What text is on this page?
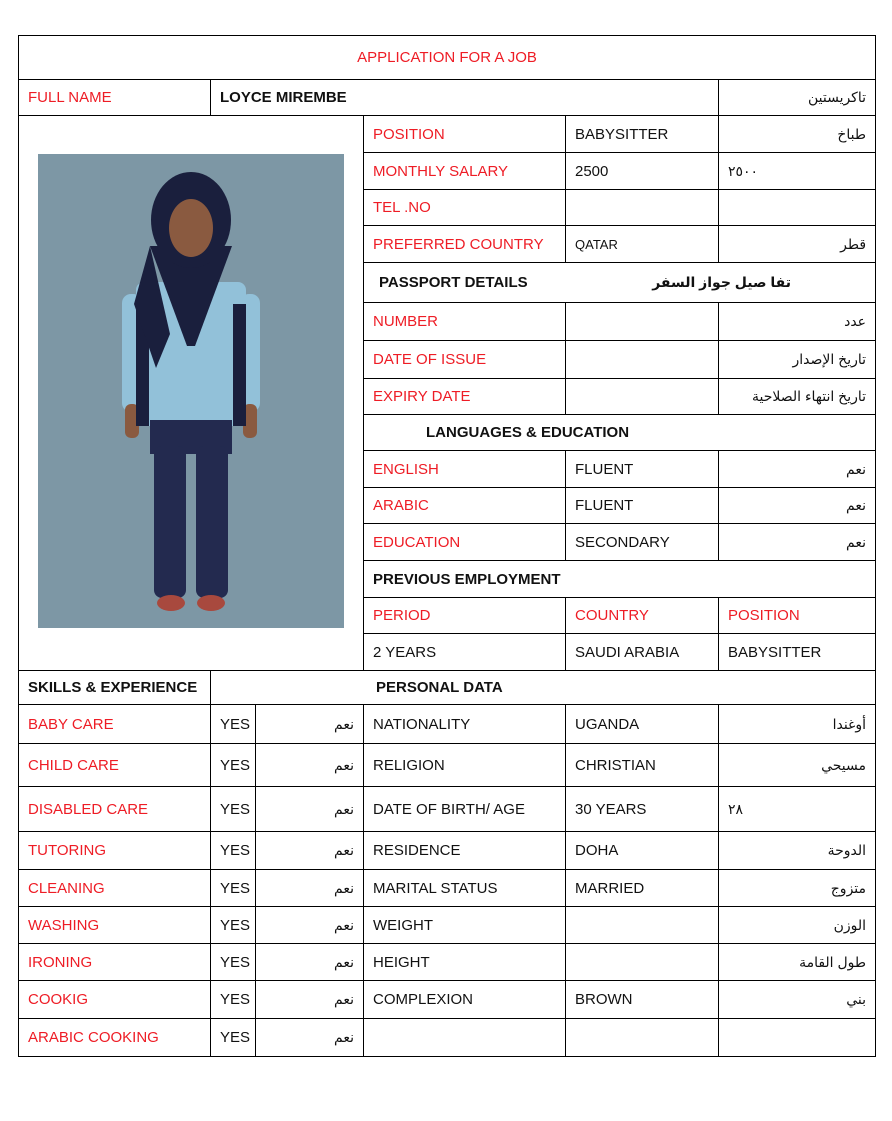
APPLICATION FOR A JOB					
FULL NAME	LOYCE MIREMBE				تاكريستين
	POSITION	BABYSITTER	طباخ
			MONTHLY SALARY	2500	٢٥٠٠
			TEL .NO		
			PREFERRED COUNTRY	QATAR	قطر

			PASSPORT DETAILS تفا صيل جواز السفر		

			NUMBER		عدد
			DATE OF ISSUE		تاريخ الإصدار
			EXPIRY DATE		تاريخ انتهاء الصلاحية
			LANGUAGES & EDUCATION		
			ENGLISH	FLUENT	نعم
			ARABIC	FLUENT	نعم
			EDUCATION	SECONDARY	نعم
			PREVIOUS EMPLOYMENT		
			PERIOD	COUNTRY	POSITION
			2 YEARS	SAUDI ARABIA	BABYSITTER
SKILLS & EXPERIENCE	PERSONAL DATA				
BABY CARE	YES	نعم	NATIONALITY	UGANDA	أوغندا
CHILD CARE	YES	نعم	RELIGION	CHRISTIAN	مسيحي
DISABLED CARE	YES	نعم	DATE OF BIRTH/ AGE	30 YEARS	٢٨
TUTORING	YES	نعم	RESIDENCE	DOHA	الدوحة
CLEANING	YES	نعم	MARITAL STATUS	MARRIED	متزوج
WASHING	YES	نعم	WEIGHT		الوزن
IRONING	YES	نعم	HEIGHT		طول القامة
COOKIG	YES	نعم	COMPLEXION	BROWN	بني
ARABIC COOKING	YES	نعم			
